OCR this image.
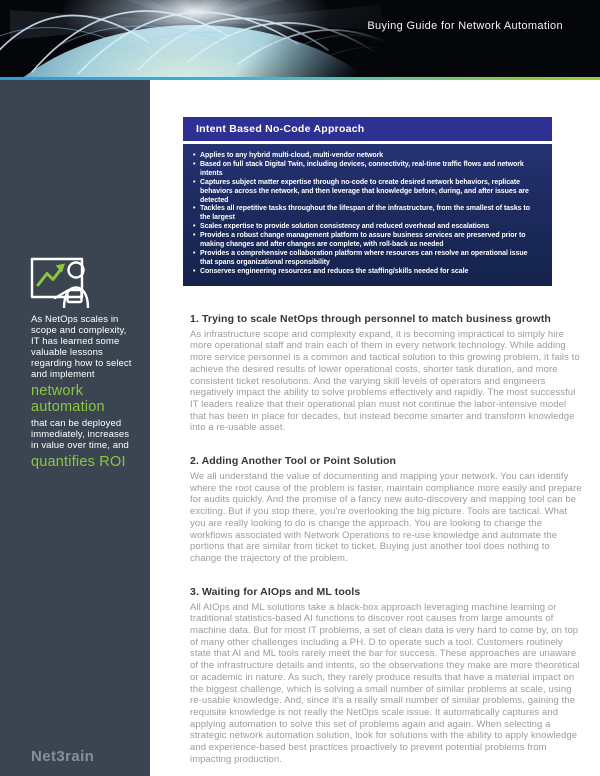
Buying Guide for Network Automation

As NetOps scales in scope and complexity, IT has learned some valuable lessons regarding how to select and implement

network automation

that can be deployed immediately, increases in value over time, and

quantifies ROI
Net3rain
Intent Based No-Code Approach
• Applies to any hybrid multi-cloud, multi-vendor network
• Based on full stack Digital Twin, including devices, connectivity, real-time traffic flows and network intents
• Captures subject matter expertise through no-code to create desired network behaviors, replicate behaviors across the network, and then leverage that knowledge before, during, and after issues are detected
• Tackles all repetitive tasks throughout the lifespan of the infrastructure, from the smallest of tasks to the largest
• Scales expertise to provide solution consistency and reduced overhead and escalations
• Provides a robust change management platform to assure business services are preserved prior to making changes and after changes are complete, with roll-back as needed
• Provides a comprehensive collaboration platform where resources can resolve an operational issue that spans organizational responsibility
• Conserves engineering resources and reduces the staffing/skills needed for scale
1. Trying to scale NetOps through personnel to match business growth

As infrastructure scope and complexity expand, it is becoming impractical to simply hire more operational staff and train each of them in every network technology. While adding more service personnel is a common and tactical solution to this growing problem, it fails to achieve the desired results of lower operational costs, shorter task duration, and more consistent ticket resolutions. And the varying skill levels of operators and engineers negatively impact the ability to solve problems effectively and rapidly. The most successful IT leaders realize that their operational plan must not continue the labor-intensive model that has been in place for decades, but instead become smarter and transform knowledge into a re-usable asset.

2. Adding Another Tool or Point Solution

We all understand the value of documenting and mapping your network. You can identify where the root cause of the problem is faster, maintain compliance more easily and prepare for audits quickly. And the promise of a fancy new auto-discovery and mapping tool can be exciting. But if you stop there, you're overlooking the big picture. Tools are tactical. What you are really looking to do is change the approach. You are looking to change the workflows associated with Network Operations to re-use knowledge and automate the portions that are similar from ticket to ticket. Buying just another tool does nothing to change the trajectory of the problem.

3. Waiting for AIOps and ML tools

All AIOps and ML solutions take a black-box approach leveraging machine learning or traditional statistics-based AI functions to discover root causes from large amounts of machine data. But for most IT problems, a set of clean data is very hard to come by, on top of many other challenges including a PH. D to operate such a tool. Customers routinely state that AI and ML tools rarely meet the bar for success. These approaches are unaware of the infrastructure details and intents, so the observations they make are more theoretical or academic in nature. As such, they rarely produce results that have a material impact on the biggest challenge, which is solving a small number of similar problems at scale, using re-usable knowledge. And, since it's a really small number of similar problems, gaining the requisite knowledge is not really the NetOps scale issue. It automatically captures and applying automation to solve this set of problems again and again. When selecting a strategic network automation solution, look for solutions with the ability to apply knowledge and experience-based best practices proactively to prevent potential problems from impacting production.
